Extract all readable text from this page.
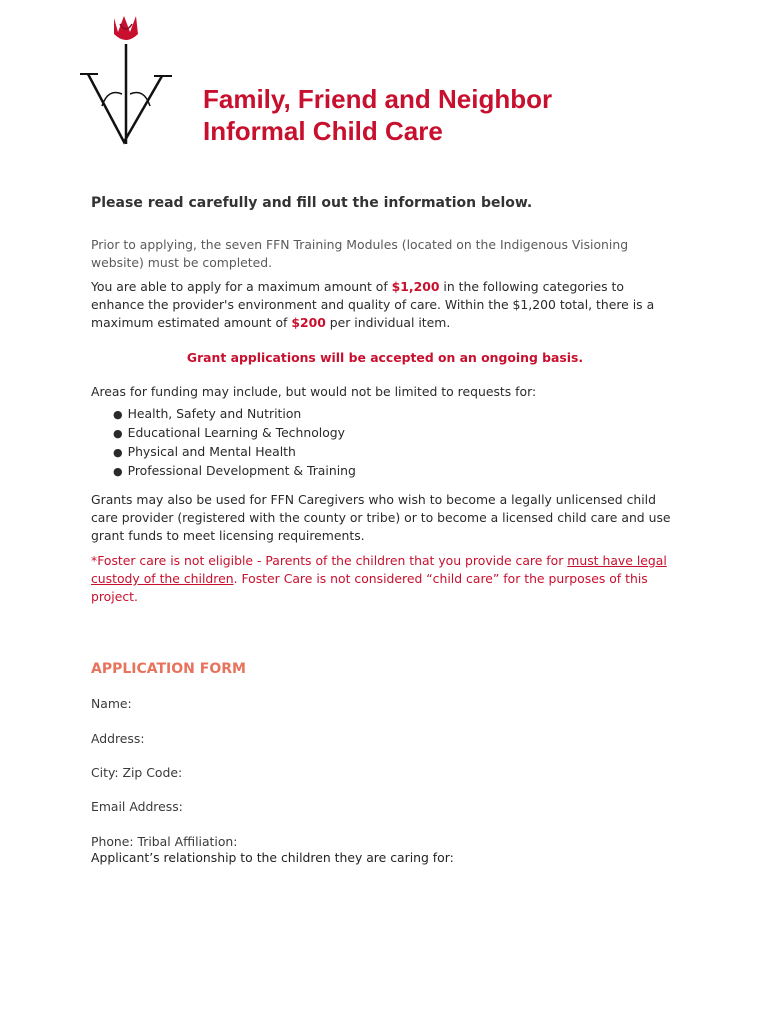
Family, Friend and Neighbor
Informal Child Care

Please read carefully and fill out the information below.

Prior to applying, the seven FFN Training Modules (located on the Indigenous Visioning
website) must be completed.

You are able to apply for a maximum amount of $1,200 in the following categories to
enhance the provider's environment and quality of care. Within the $1,200 total, there is a
maximum estimated amount of $200 per individual item.

Grant applications will be accepted on an ongoing basis.

Areas for funding may include, but would not be limited to requests for:

● Health, Safety and Nutrition
● Educational Learning & Technology
● Physical and Mental Health
● Professional Development & Training

Grants may also be used for FFN Caregivers who wish to become a legally unlicensed child
care provider (registered with the county or tribe) or to become a licensed child care and use
grant funds to meet licensing requirements.

*Foster care is not eligible - Parents of the children that you provide care for must have legal
custody of the children. Foster Care is not considered “child care” for the purposes of this
project.

APPLICATION FORM

Name:

Address:

City: Zip Code:

Email Address:

Phone: Tribal Affiliation:

Applicant’s relationship to the children they are caring for:
